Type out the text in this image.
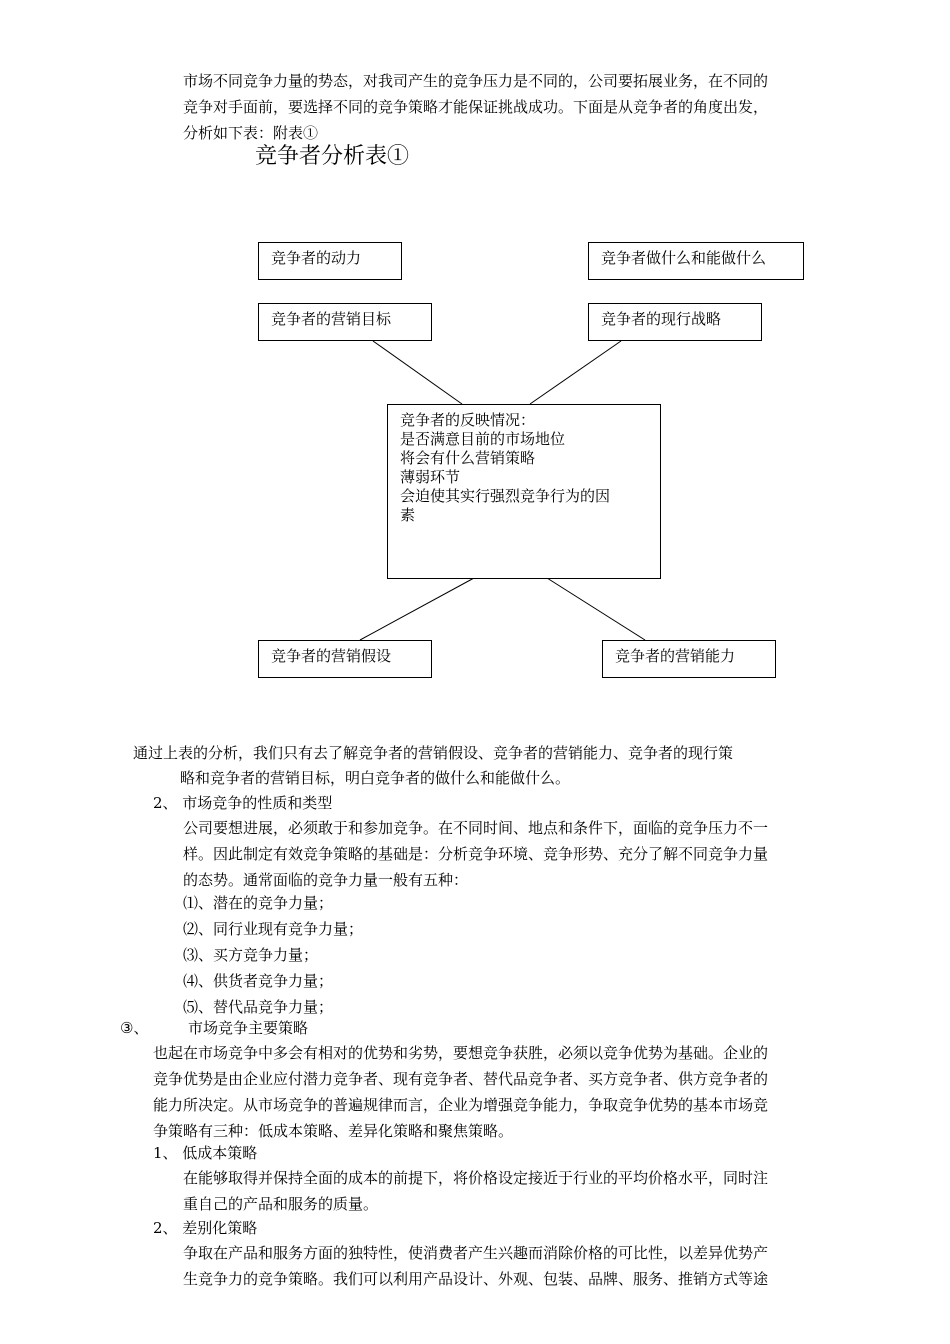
市场不同竞争力量的势态，对我司产生的竞争压力是不同的，公司要拓展业务，在不同的
竞争对手面前，要选择不同的竞争策略才能保证挑战成功。下面是从竞争者的角度出发，
分析如下表：附表①
竞争者分析表①
竞争者的动力	竞争者做什么和能做什么
竞争者的营销目标	竞争者的现行战略
竞争者的反映情况：
是否满意目前的市场地位
将会有什么营销策略
薄弱环节
会迫使其实行强烈竞争行为的因
素
竞争者的营销假设	竞争者的营销能力
通过上表的分析，我们只有去了解竞争者的营销假设、竞争者的营销能力、竞争者的现行策
略和竞争者的营销目标，明白竞争者的做什么和能做什么。
2、 市场竞争的性质和类型
公司要想进展，必须敢于和参加竞争。在不同时间、地点和条件下，面临的竞争压力不一
样。因此制定有效竞争策略的基础是：分析竞争环境、竞争形势、充分了解不同竞争力量
的态势。通常面临的竞争力量一般有五种：
⑴、潜在的竞争力量；
⑵、同行业现有竞争力量；
⑶、买方竞争力量；
⑷、供货者竞争力量；
⑸、替代品竞争力量；
③、	市场竞争主要策略
也起在市场竞争中多会有相对的优势和劣势，要想竞争获胜，必须以竞争优势为基础。企业的
竞争优势是由企业应付潜力竞争者、现有竞争者、替代品竞争者、买方竞争者、供方竞争者的
能力所决定。从市场竞争的普遍规律而言，企业为增强竞争能力，争取竞争优势的基本市场竞
争策略有三种：低成本策略、差异化策略和聚焦策略。
1、 低成本策略
在能够取得并保持全面的成本的前提下，将价格设定接近于行业的平均价格水平，同时注
重自己的产品和服务的质量。
2、 差别化策略
争取在产品和服务方面的独特性，使消费者产生兴趣而消除价格的可比性，以差异优势产
生竞争力的竞争策略。我们可以利用产品设计、外观、包装、品牌、服务、推销方式等途
